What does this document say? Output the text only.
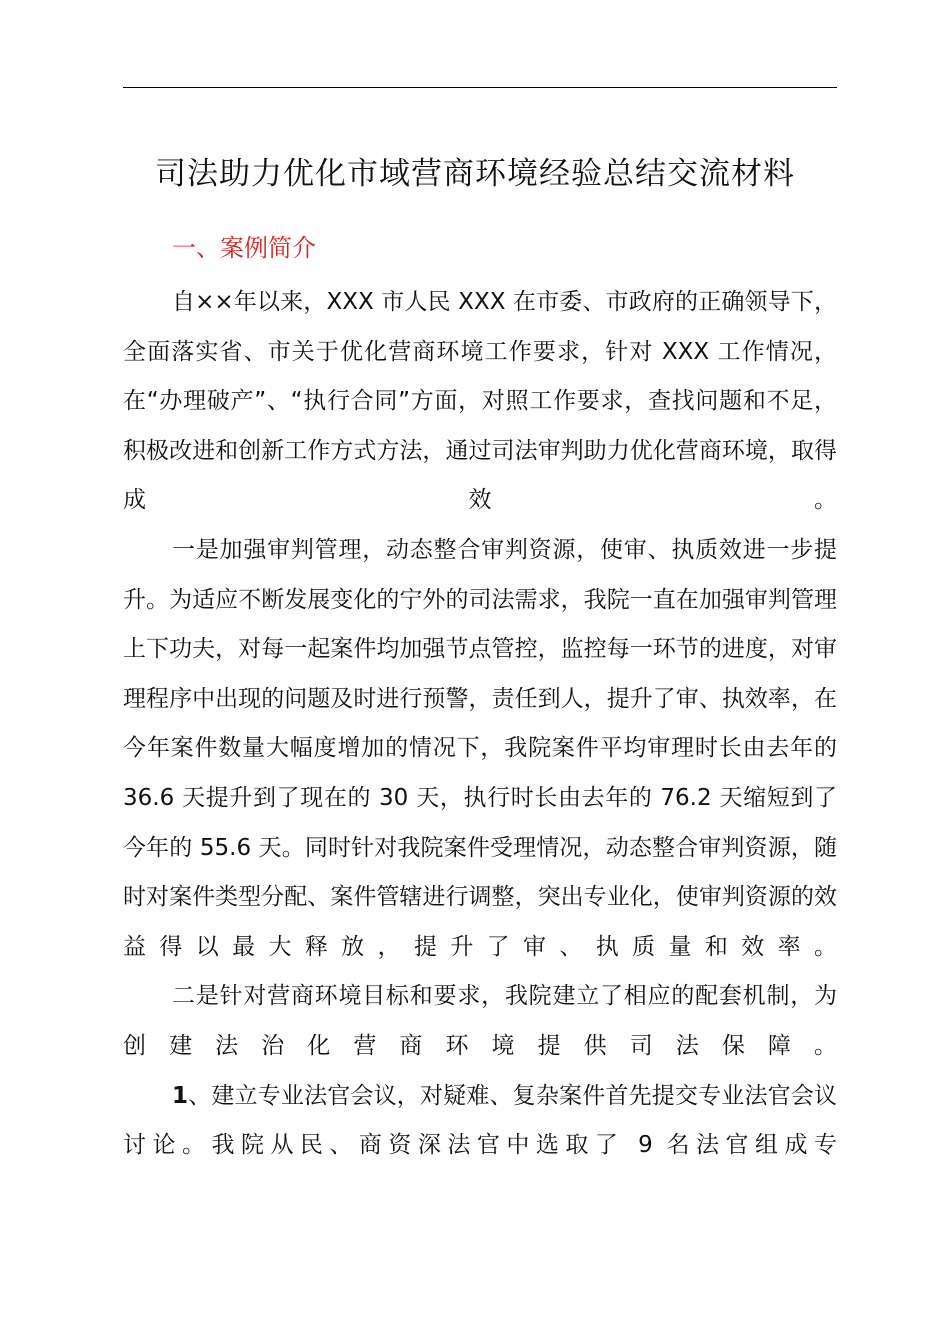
司法助力优化市域营商环境经验总结交流材料
一、案例简介

自××年以来，XXX 市人民 XXX 在市委、市政府的正确领导下，全面落实省、市关于优化营商环境工作要求，针对 XXX 工作情况，在“办理破产”、“执行合同”方面，对照工作要求，查找问题和不足，积极改进和创新工作方式方法，通过司法审判助力优化营商环境，取得成效。

一是加强审判管理，动态整合审判资源，使审、执质效进一步提升。为适应不断发展变化的宁外的司法需求，我院一直在加强审判管理上下功夫，对每一起案件均加强节点管控，监控每一环节的进度，对审理程序中出现的问题及时进行预警，责任到人，提升了审、执效率，在今年案件数量大幅度增加的情况下，我院案件平均审理时长由去年的 36.6 天提升到了现在的 30 天，执行时长由去年的 76.2 天缩短到了今年的 55.6 天。同时针对我院案件受理情况，动态整合审判资源，随时对案件类型分配、案件管辖进行调整，突出专业化，使审判资源的效益得以最大释放，提升了审、执质量和效率。

二是针对营商环境目标和要求，我院建立了相应的配套机制，为创建法治化营商环境提供司法保障。

1、建立专业法官会议，对疑难、复杂案件首先提交专业法官会议讨论。我院从民、商资深法官中选取了 9 名法官组成专
